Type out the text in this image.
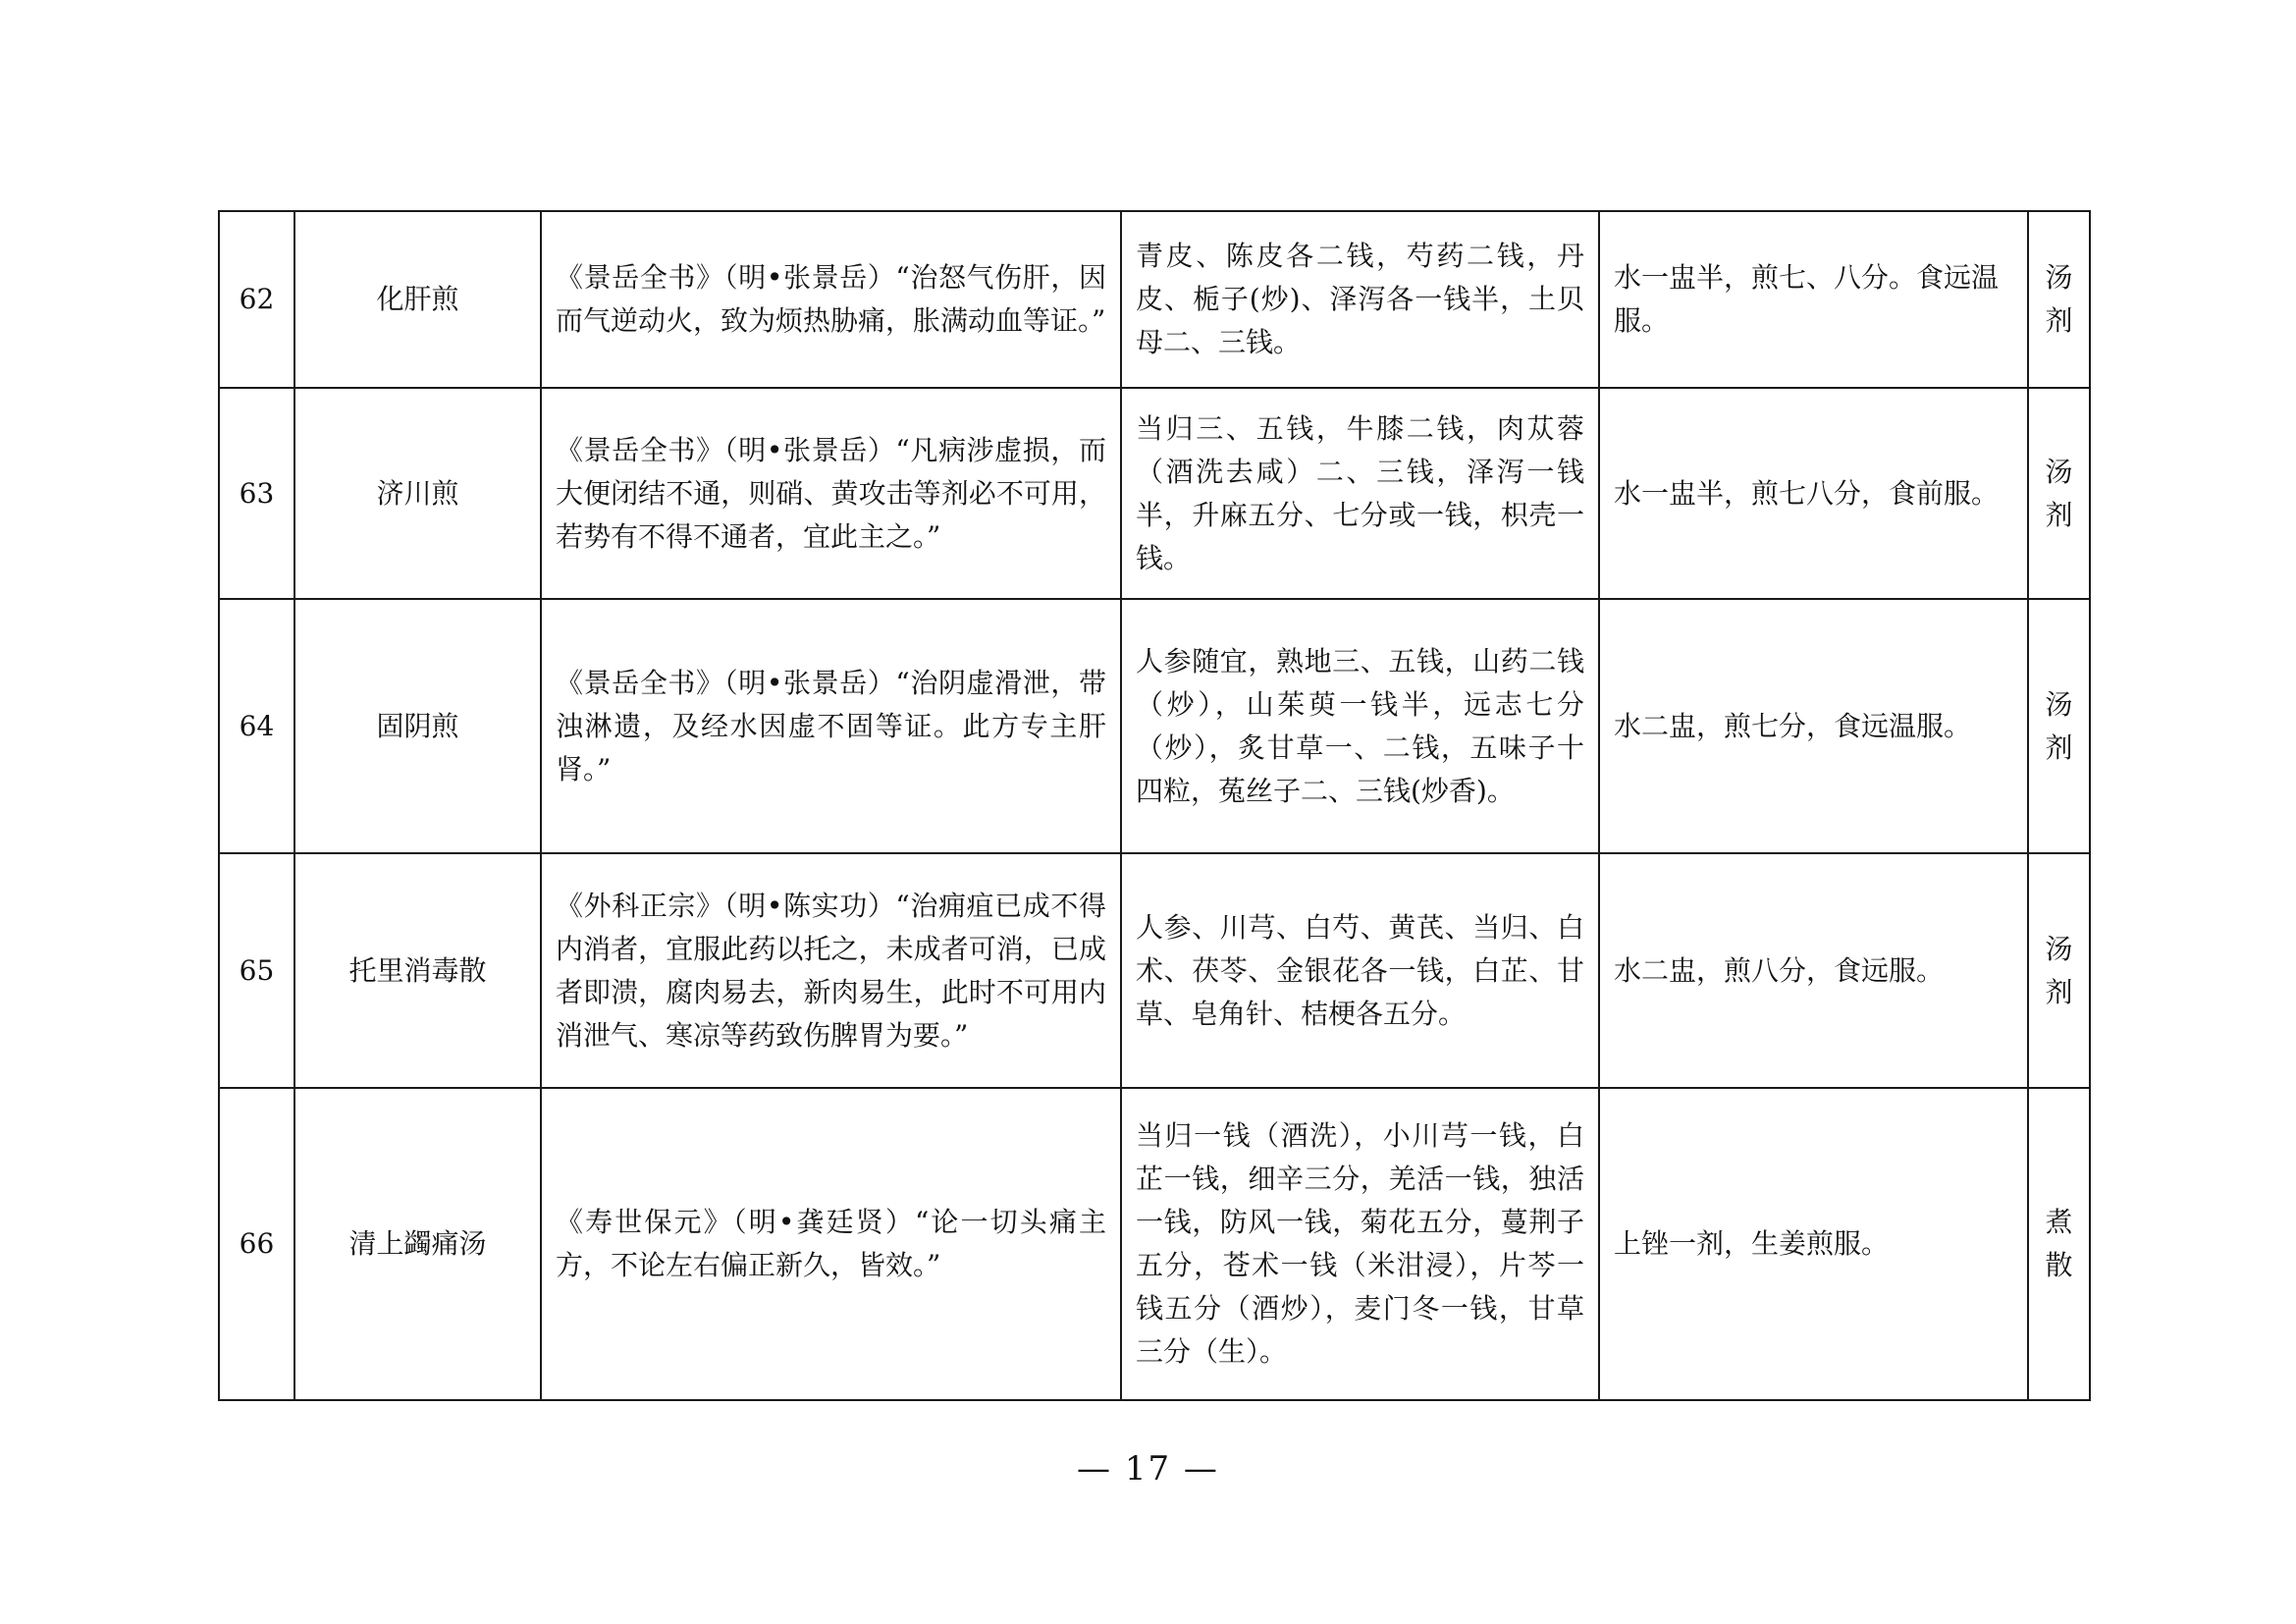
62	化肝煎	《景岳全书》（明•张景岳）“治怒气伤肝，因而气逆动火，致为烦热胁痛，胀满动血等证。”	青皮、陈皮各二钱，芍药二钱，丹皮、栀子(炒)、泽泻各一钱半，土贝母二、三钱。	水一盅半，煎七、八分。食远温服。	汤剂
63	济川煎	《景岳全书》（明•张景岳）“凡病涉虚损，而大便闭结不通，则硝、黄攻击等剂必不可用，若势有不得不通者，宜此主之。”	当归三、五钱，牛膝二钱，肉苁蓉（酒洗去咸）二、三钱，泽泻一钱半，升麻五分、七分或一钱，枳壳一钱。	水一盅半，煎七八分，食前服。	汤剂
64	固阴煎	《景岳全书》（明•张景岳）“治阴虚滑泄，带浊淋遗，及经水因虚不固等证。此方专主肝肾。”	人参随宜，熟地三、五钱，山药二钱（炒），山茱萸一钱半，远志七分（炒），炙甘草一、二钱，五味子十四粒，菟丝子二、三钱(炒香)。	水二盅，煎七分，食远温服。	汤剂
65	托里消毒散	《外科正宗》（明•陈实功）“治痈疽已成不得内消者，宜服此药以托之，未成者可消，已成者即溃，腐肉易去，新肉易生，此时不可用内消泄气、寒凉等药致伤脾胃为要。”	人参、川芎、白芍、黄芪、当归、白术、茯苓、金银花各一钱，白芷、甘草、皂角针、桔梗各五分。	水二盅，煎八分，食远服。	汤剂
66	清上蠲痛汤	《寿世保元》（明•龚廷贤）“论一切头痛主方，不论左右偏正新久，皆效。”	当归一钱（酒洗），小川芎一钱，白芷一钱，细辛三分，羌活一钱，独活一钱，防风一钱，菊花五分，蔓荆子五分，苍术一钱（米泔浸），片芩一钱五分（酒炒），麦门冬一钱，甘草三分（生）。	上锉一剂，生姜煎服。	煮散
— 17 —
